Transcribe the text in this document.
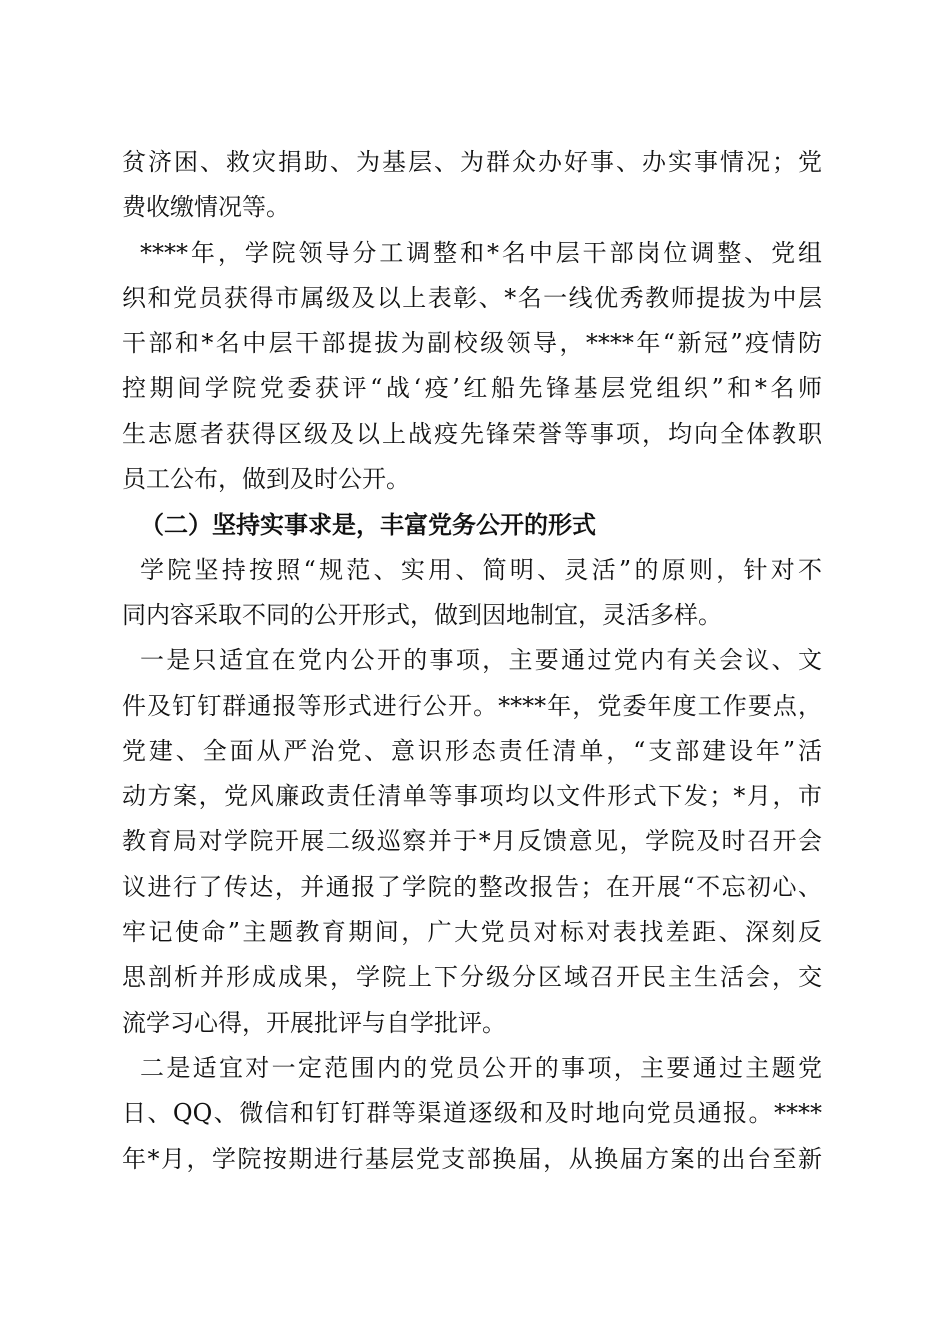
贫济困、救灾捐助、为基层、为群众办好事、办实事情况；党
费收缴情况等。
****年，学院领导分工调整和*名中层干部岗位调整、党组
织和党员获得市属级及以上表彰、*名一线优秀教师提拔为中层
干部和*名中层干部提拔为副校级领导，****年“新冠”疫情防
控期间学院党委获评“战‘疫’红船先锋基层党组织”和*名师
生志愿者获得区级及以上战疫先锋荣誉等事项，均向全体教职
员工公布，做到及时公开。
（二）坚持实事求是，丰富党务公开的形式
学院坚持按照“规范、实用、简明、灵活”的原则，针对不
同内容采取不同的公开形式，做到因地制宜，灵活多样。
一是只适宜在党内公开的事项，主要通过党内有关会议、文
件及钉钉群通报等形式进行公开。****年，党委年度工作要点，
党建、全面从严治党、意识形态责任清单，“支部建设年”活
动方案，党风廉政责任清单等事项均以文件形式下发；*月，市
教育局对学院开展二级巡察并于*月反馈意见，学院及时召开会
议进行了传达，并通报了学院的整改报告；在开展“不忘初心、
牢记使命”主题教育期间，广大党员对标对表找差距、深刻反
思剖析并形成成果，学院上下分级分区域召开民主生活会，交
流学习心得，开展批评与自学批评。
二是适宜对一定范围内的党员公开的事项，主要通过主题党
日、QQ、微信和钉钉群等渠道逐级和及时地向党员通报。****
年*月，学院按期进行基层党支部换届，从换届方案的出台至新
